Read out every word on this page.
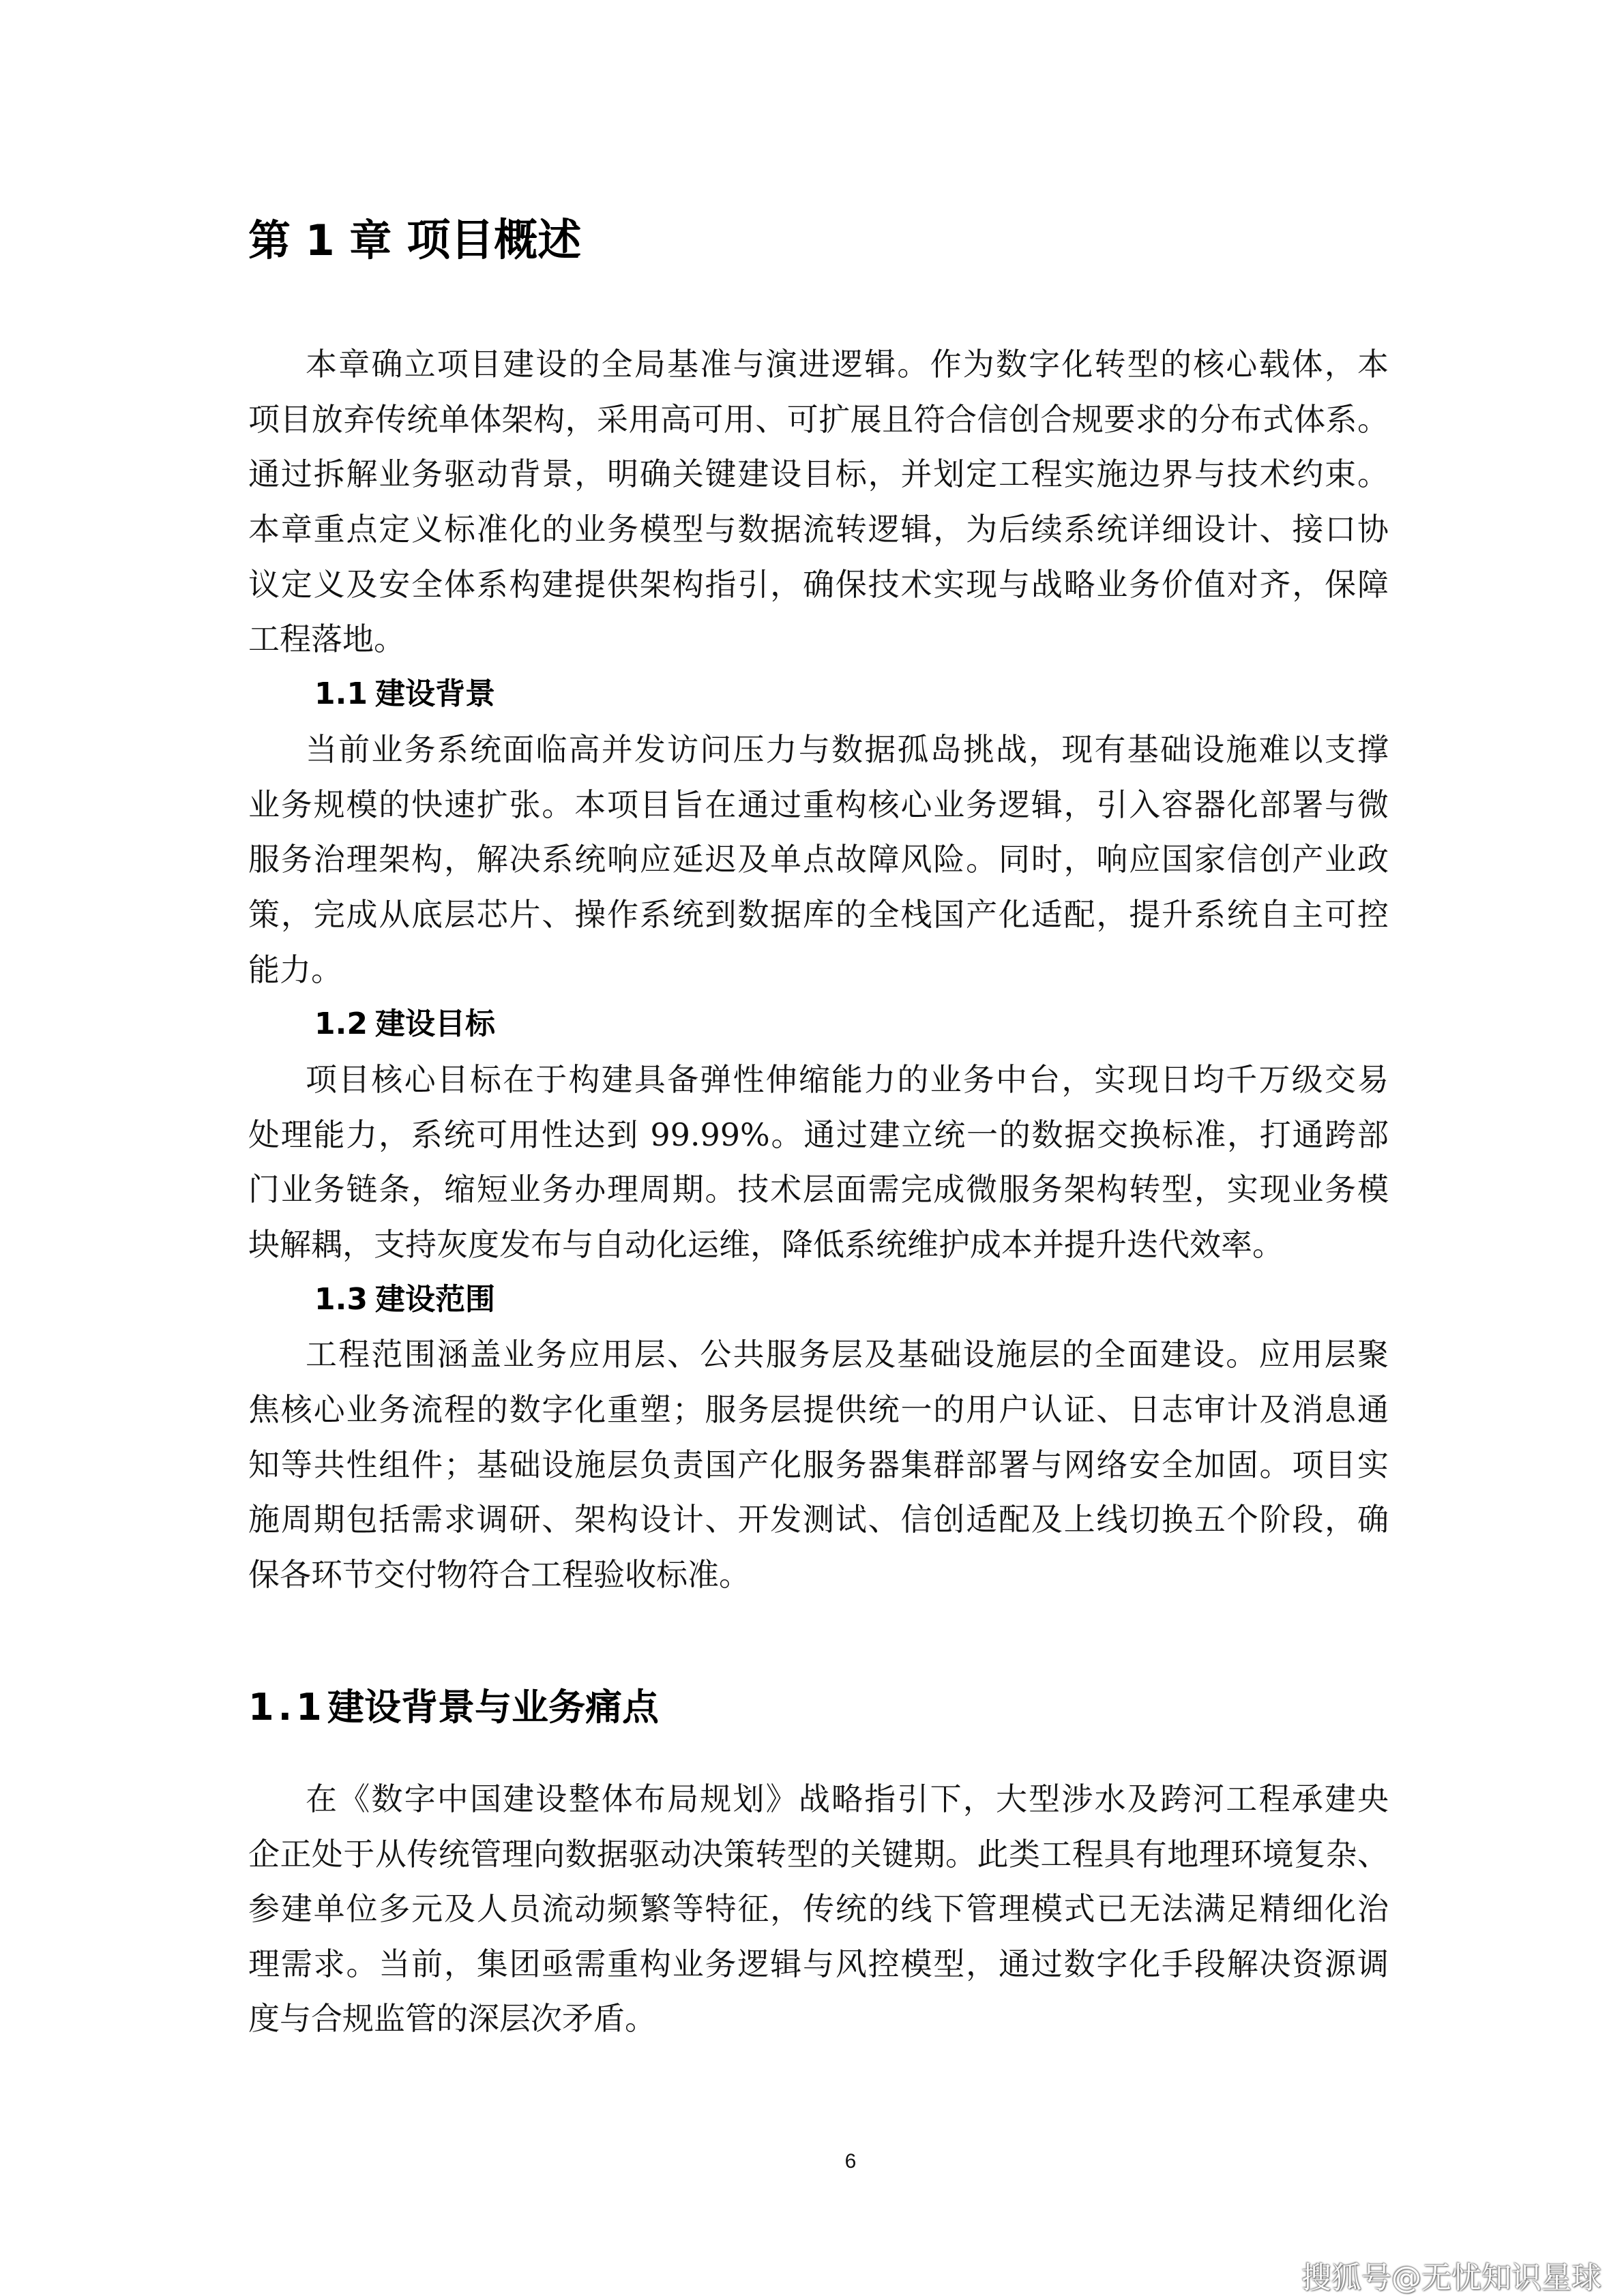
第 1 章 项目概述
本章确立项目建设的全局基准与演进逻辑。作为数字化转型的核心载体，本
项目放弃传统单体架构，采用高可用、可扩展且符合信创合规要求的分布式体系。
通过拆解业务驱动背景，明确关键建设目标，并划定工程实施边界与技术约束。
本章重点定义标准化的业务模型与数据流转逻辑，为后续系统详细设计、接口协
议定义及安全体系构建提供架构指引，确保技术实现与战略业务价值对齐，保障
工程落地。
1.1 建设背景
当前业务系统面临高并发访问压力与数据孤岛挑战，现有基础设施难以支撑
业务规模的快速扩张。本项目旨在通过重构核心业务逻辑，引入容器化部署与微
服务治理架构，解决系统响应延迟及单点故障风险。同时，响应国家信创产业政
策，完成从底层芯片、操作系统到数据库的全栈国产化适配，提升系统自主可控
能力。
1.2 建设目标
项目核心目标在于构建具备弹性伸缩能力的业务中台，实现日均千万级交易
处理能力，系统可用性达到 99.99%。通过建立统一的数据交换标准，打通跨部
门业务链条，缩短业务办理周期。技术层面需完成微服务架构转型，实现业务模
块解耦，支持灰度发布与自动化运维，降低系统维护成本并提升迭代效率。
1.3 建设范围
工程范围涵盖业务应用层、公共服务层及基础设施层的全面建设。应用层聚
焦核心业务流程的数字化重塑；服务层提供统一的用户认证、日志审计及消息通
知等共性组件；基础设施层负责国产化服务器集群部署与网络安全加固。项目实
施周期包括需求调研、架构设计、开发测试、信创适配及上线切换五个阶段，确
保各环节交付物符合工程验收标准。
1.1建设背景与业务痛点
在《数字中国建设整体布局规划》战略指引下，大型涉水及跨河工程承建央
企正处于从传统管理向数据驱动决策转型的关键期。此类工程具有地理环境复杂、
参建单位多元及人员流动频繁等特征，传统的线下管理模式已无法满足精细化治
理需求。当前，集团亟需重构业务逻辑与风控模型，通过数字化手段解决资源调
度与合规监管的深层次矛盾。
6
搜狐号@无忧知识星球
